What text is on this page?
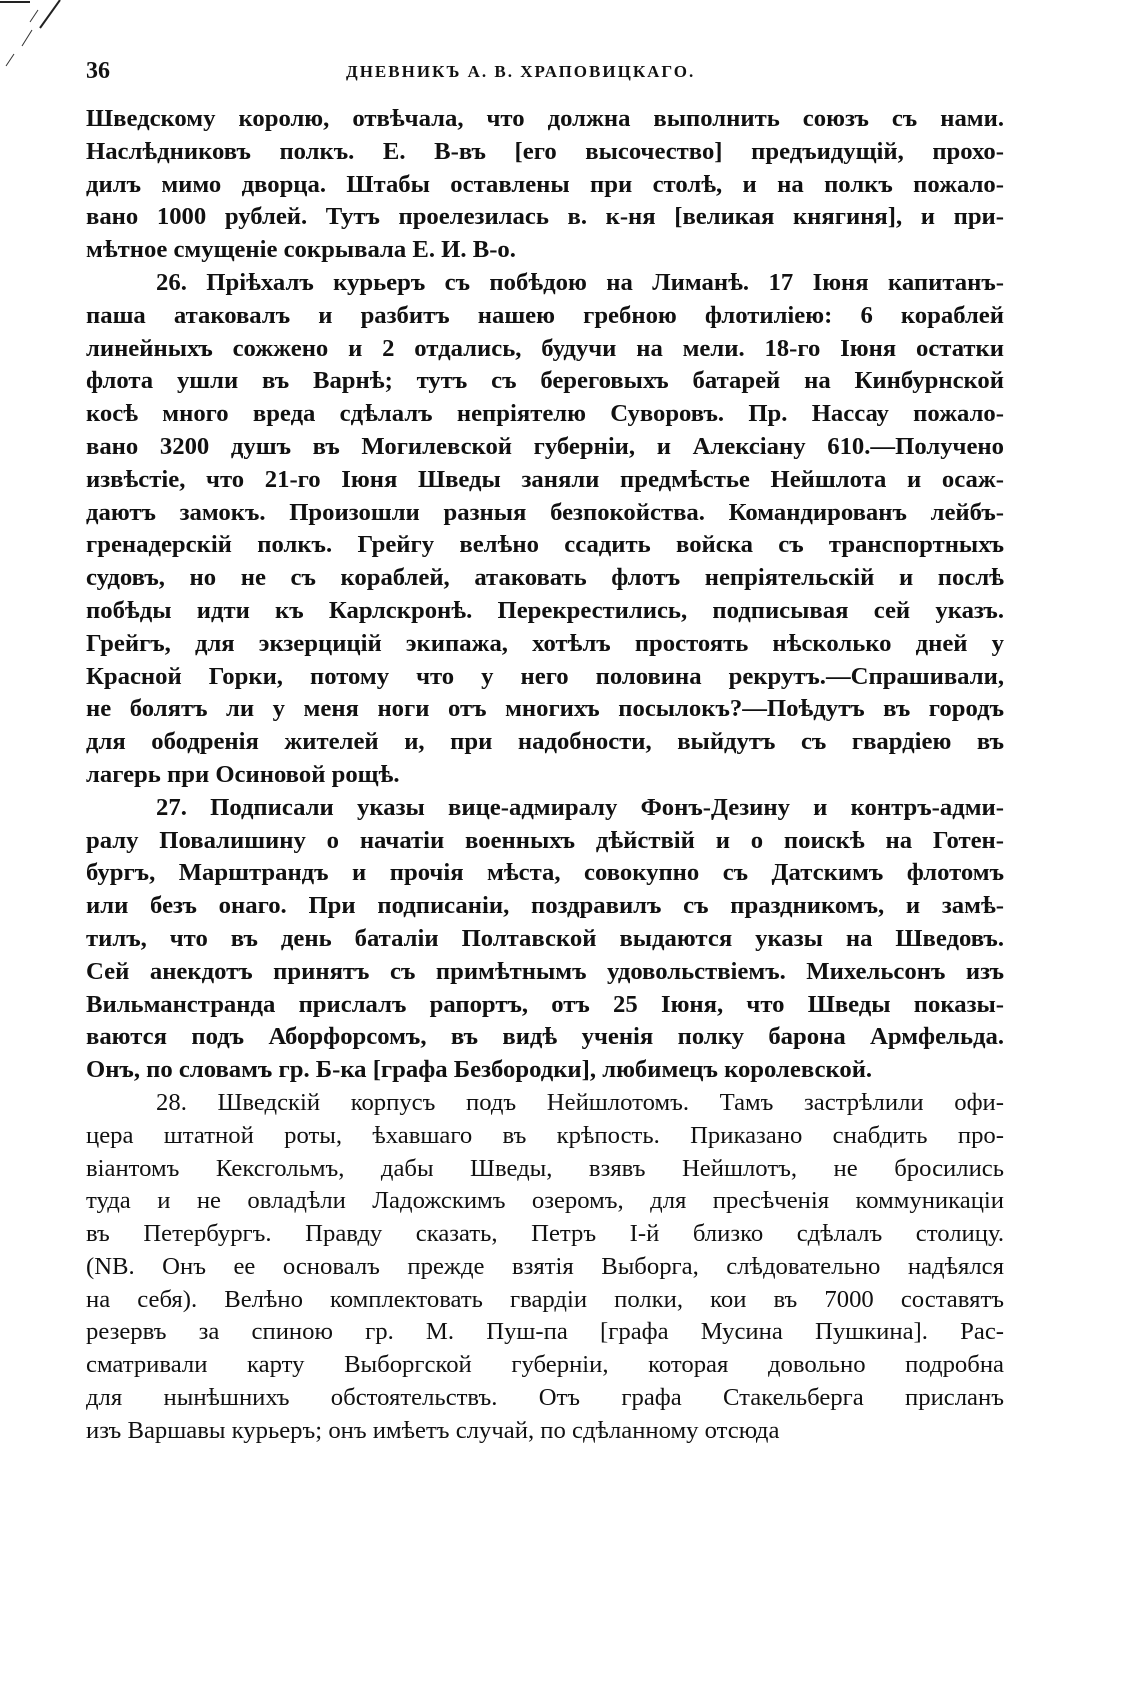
36	ДНЕВНИКЪ А. В. ХРАПОВИЦКАГО.
Шведскому королю, отвѣчала, что должна выполнить союзъ съ нами.
Наслѣдниковъ полкъ. Е. В-въ [его высочество] предъидущій, прохо-
дилъ мимо дворца. Штабы оставлены при столѣ, и на полкъ пожало-
вано 1000 рублей. Тутъ проелезилась в. к-ня [великая княгиня], и при-
мѣтное смущеніе сокрывала Е. И. В-о.
26. Пріѣхалъ курьеръ съ побѣдою на Лиманѣ. 17 Іюня капитанъ-
паша атаковалъ и разбитъ нашею гребною флотиліею: 6 кораблей
линейныхъ сожжено и 2 отдались, будучи на мели. 18-го Іюня остатки
флота ушли въ Варнѣ; тутъ съ береговыхъ батарей на Кинбурнской
косѣ много вреда сдѣлалъ непріятелю Суворовъ. Пр. Нассау пожало-
вано 3200 душъ въ Могилевской губерніи, и Алексіану 610.—Получено
извѣстіе, что 21-го Іюня Шведы заняли предмѣстье Нейшлота и осаж-
даютъ замокъ. Произошли разныя безпокойства. Командированъ лейбъ-
гренадерскій полкъ. Грейгу велѣно ссадить войска съ транспортныхъ
судовъ, но не съ кораблей, атаковать флотъ непріятельскій и послѣ
побѣды идти къ Карлскронѣ. Перекрестились, подписывая сей указъ.
Грейгъ, для экзерцицій экипажа, хотѣлъ простоять нѣсколько дней у
Красной Горки, потому что у него половина рекрутъ.—Спрашивали,
не болятъ ли у меня ноги отъ многихъ посылокъ?—Поѣдутъ въ городъ
для ободренія жителей и, при надобности, выйдутъ съ гвардіею въ
лагерь при Осиновой рощѣ.
27. Подписали указы вице-адмиралу Фонъ-Дезину и контръ-адми-
ралу Повалишину о начатіи военныхъ дѣйствій и о поискѣ на Готен-
бургъ, Марштрандъ и прочія мѣста, совокупно съ Датскимъ флотомъ
или безъ онаго. При подписаніи, поздравилъ съ праздникомъ, и замѣ-
тилъ, что въ день баталіи Полтавской выдаются указы на Шведовъ.
Сей анекдотъ принятъ съ примѣтнымъ удовольствіемъ. Михельсонъ изъ
Вильманстранда прислалъ рапортъ, отъ 25 Іюня, что Шведы показы-
ваются подъ Аборфорсомъ, въ видѣ ученія полку барона Армфельда.
Онъ, по словамъ гр. Б-ка [графа Безбородки], любимецъ королевской.
28. Шведскій корпусъ подъ Нейшлотомъ. Тамъ застрѣлили офи-
цера штатной роты, ѣхавшаго въ крѣпость. Приказано снабдить про-
віантомъ Кексгольмъ, дабы Шведы, взявъ Нейшлотъ, не бросились
туда и не овладѣли Ладожскимъ озеромъ, для пресѣченія коммуникаціи
въ Петербургъ. Правду сказать, Петръ I-й близко сдѣлалъ столицу.
(NB. Онъ ее основалъ прежде взятія Выборга, слѣдовательно надѣялся
на себя). Велѣно комплектовать гвардіи полки, кои въ 7000 составятъ
резервъ за спиною гр. М. Пуш-па [графа Мусина Пушкина]. Рас-
сматривали карту Выборгской губерніи, которая довольно подробна
для нынѣшнихъ обстоятельствъ. Отъ графа Стакельберга присланъ
изъ Варшавы курьеръ; онъ имѣетъ случай, по сдѣланному отсюда
